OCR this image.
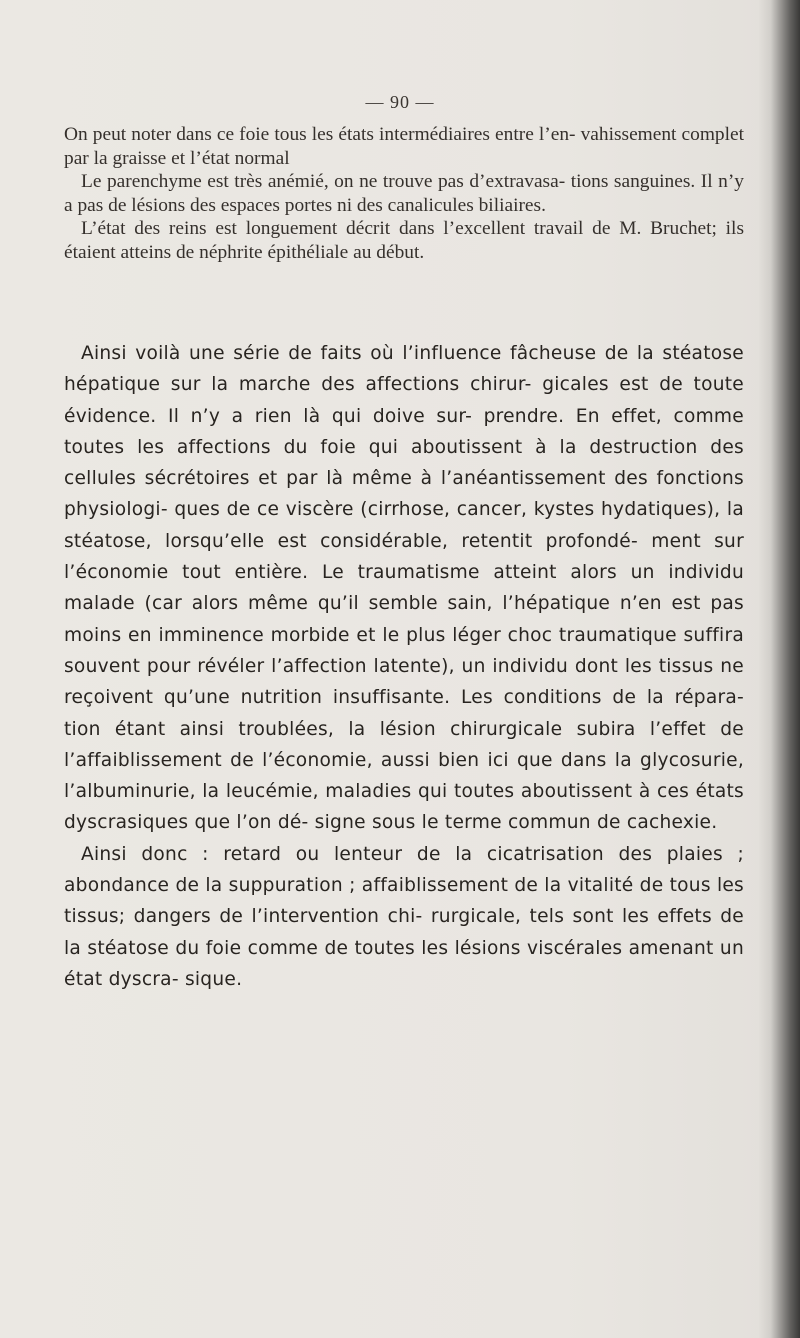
— 90 —

On peut noter dans ce foie tous les états intermédiaires entre l’en- vahissement complet par la graisse et l’état normal

Le parenchyme est très anémié, on ne trouve pas d’extravasa- tions sanguines. Il n’y a pas de lésions des espaces portes ni des canalicules biliaires.

L’état des reins est longuement décrit dans l’excellent travail de M. Bruchet; ils étaient atteins de néphrite épithéliale au début.

Ainsi voilà une série de faits où l’influence fâcheuse de la stéatose hépatique sur la marche des affections chirur- gicales est de toute évidence. Il n’y a rien là qui doive sur- prendre. En effet, comme toutes les affections du foie qui aboutissent à la destruction des cellules sécrétoires et par là même à l’anéantissement des fonctions physiologi- ques de ce viscère (cirrhose, cancer, kystes hydatiques), la stéatose, lorsqu’elle est considérable, retentit profondé- ment sur l’économie tout entière. Le traumatisme atteint alors un individu malade (car alors même qu’il semble sain, l’hépatique n’en est pas moins en imminence morbide et le plus léger choc traumatique suffira souvent pour révéler l’affection latente), un individu dont les tissus ne reçoivent qu’une nutrition insuffisante. Les conditions de la répara- tion étant ainsi troublées, la lésion chirurgicale subira l’effet de l’affaiblissement de l’économie, aussi bien ici que dans la glycosurie, l’albuminurie, la leucémie, maladies qui toutes aboutissent à ces états dyscrasiques que l’on dé- signe sous le terme commun de cachexie.

Ainsi donc : retard ou lenteur de la cicatrisation des plaies ; abondance de la suppuration ; affaiblissement de la vitalité de tous les tissus; dangers de l’intervention chi- rurgicale, tels sont les effets de la stéatose du foie comme de toutes les lésions viscérales amenant un état dyscra- sique.
